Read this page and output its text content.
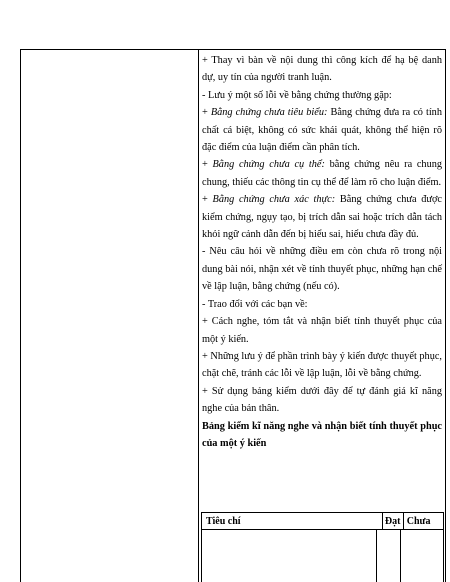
+ Thay vì bàn về nội dung thì công kích để hạ bệ danh dự, uy tín của người tranh luận.

- Lưu ý một số lỗi về bằng chứng thường gặp:

+ Bằng chứng chưa tiêu biểu: Bằng chứng đưa ra có tính chất cá biệt, không có sức khái quát, không thể hiện rõ đặc điểm của luận điểm cần phân tích.

+ Bằng chứng chưa cụ thể: bằng chứng nêu ra chung chung, thiếu các thông tin cụ thể để làm rõ cho luận điểm.

+ Bằng chứng chưa xác thực: Bằng chứng chưa được kiểm chứng, ngụy tạo, bị trích dẫn sai hoặc trích dẫn tách khỏi ngữ cảnh dẫn đến bị hiểu sai, hiểu chưa đầy đủ.

- Nêu câu hỏi về những điều em còn chưa rõ trong nội dung bài nói, nhận xét về tính thuyết phục, những hạn chế về lập luận, bằng chứng (nếu có).

- Trao đổi với các bạn về:

+ Cách nghe, tóm tắt và nhận biết tính thuyết phục của một ý kiến.

+ Những lưu ý để phần trình bày ý kiến được thuyết phục, chặt chẽ, tránh các lỗi về lập luận, lỗi về bằng chứng.

+ Sử dụng bảng kiểm dưới đây để tự đánh giá kĩ năng nghe của bản thân.

Bảng kiểm kĩ năng nghe và nhận biết tính thuyết phục của một ý kiến

Tiêu chí	Đạt	Chưa
